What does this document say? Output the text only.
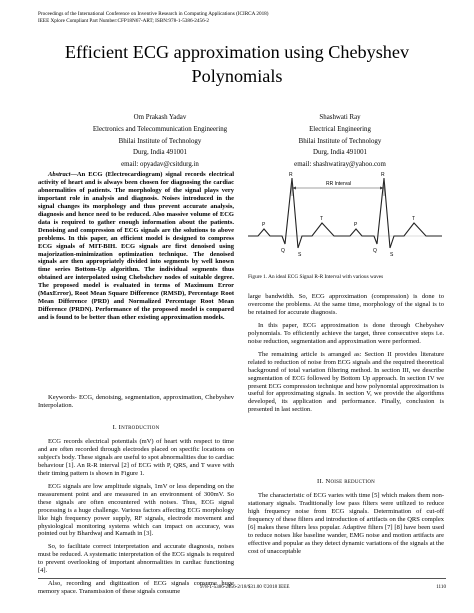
Proceedings of the International Conference on Inventive Research in Computing Applications (ICIRCA 2018)
IEEE Xplore Compliant Part Number:CFP18N67-ART; ISBN:978-1-5386-2456-2
Efficient ECG approximation using Chebyshev
Polynomials
Om Prakash Yadav
Electronics and Telecommunication Engineering
Bhilai Institute of Technology
Durg, India 491001
email: opyadav@csitdurg.in
Shashwati Ray
Electrical Engineering
Bhilai Institute of Technology
Durg, India 491001
email: shashwatiray@yahoo.com
Abstract—An ECG (Electrocardiogram) signal records electrical activity of heart and is always been chosen for diagnosing the cardiac abnormalities of patients. The morphology of the signal plays very important role in analysis and diagnosis. Noises introduced in the signal changes its morphology and thus prevent accurate analysis, diagnosis and hence need to be reduced. Also massive volume of ECG data is required to gather enough information about the patients. Denoising and compression of ECG signals are the solutions to above problems. In this paper, an efficient model is designed to compress ECG signals of MIT-BIH. ECG signals are first denoised using majorization-minimization optimization technique. The denoised signals are then appropriately divided into segments by well known time series Bottom-Up algorithm. The individual segments thus obtained are interpolated using Chebshchev nodes of suitable degree. The proposed model is evaluated in terms of Maximum Error (MaxError), Root Mean Square Difference (RMSD), Percentage Root Mean Difference (PRD) and Normalized Percentage Root Mean Difference (PRDN). Performance of the proposed model is compared and is found to be better than other existing approximation models.
Keywords- ECG, denoising, segmentation, approximation, Chebyshev Interpolation.
I. Introduction

ECG records electrical potentials (mV) of heart with respect to time and are often recorded through electrodes placed on specific locations on subject's body. These signals are useful to spot abnormalities due to cardiac behaviour [1]. An R-R interval [2] of ECG with P, QRS, and T wave with their timing pattern is shown in Figure 1.

ECG signals are low amplitude signals, 1mV or less depending on the measurement point and are measured in an environment of 300mV. So these signals are often encountered with noises. Thus, ECG signal processing is a huge challenge. Various factors affecting ECG morphology like high frequency power supply, RF signals, electrode movement and physiological monitoring systems which can impact on accuracy, was pointed out by Bhardwaj and Kamath in [3].

So, to facilitate correct interpretation and accurate diagnosis, noises must be reduced. A systematic interpretation of the ECG signals is required to prevent overlooking of important abnormalities in cardiac functioning [4].

Also, recording and digitization of ECG signals consume huge memory space. Transmission of these signals consume

RR Interval
R	R
P
T
P
T
Q
S
Q
S
Figure 1. An ideal ECG Signal R-R Interval with various waves

large bandwidth. So, ECG approximation (compression) is done to overcome the problems. At the same time, morphology of the signal is to be retained for accurate diagnosis.

In this paper, ECG approximation is done through Chebyshev polynomials. To efficiently achieve the target, three consecutive steps i.e. noise reduction, segmentation and approximation were performed.

The remaining article is arranged as: Section II provides literature related to reduction of noise from ECG signals and the required theoretical background of total variation filtering method. In section III, we describe segmentation of ECG followed by Bottom Up approach. In section IV we present ECG compression technique and how polynomial approximation is useful for approximating signals. In section V, we provide the algorithms developed, its application and performance. Finally, conclusion is presented in last section.

II. Noise reduction

The characteristic of ECG varies with time [5] which makes them non-stationary signals. Traditionally low pass filters were utilized to reduce high frequency noise from ECG signals. Determination of cut-off frequency of these filters and introduction of artifacts on the QRS complex [6] makes these filters less popular. Adaptive filters [7] [8] have been used to reduce noises like baseline wander, EMG noise and motion artifacts are effective and popular as they detect dynamic variations of the signals at the cost of unacceptable

978-1-5386-2456-2/18/$31.00 ©2018 IEEE	1110
